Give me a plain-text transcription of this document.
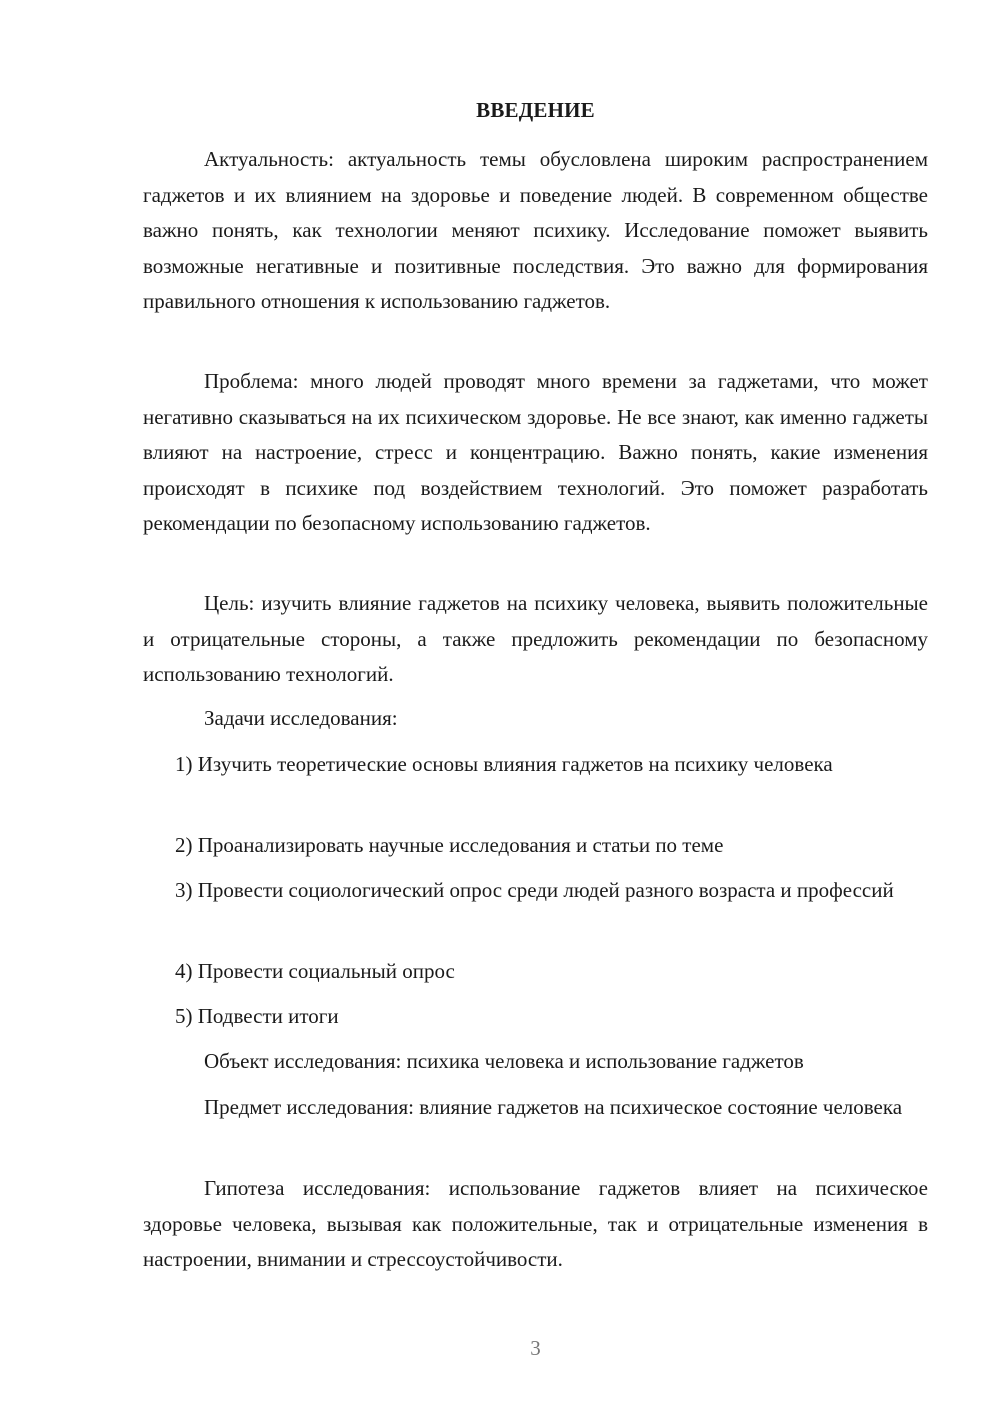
ВВЕДЕНИЕ
Актуальность: актуальность темы обусловлена широким распространением гаджетов и их влиянием на здоровье и поведение людей. В современном обществе важно понять, как технологии меняют психику. Исследование поможет выявить возможные негативные и позитивные последствия. Это важно для формирования правильного отношения к использованию гаджетов.
Проблема: много людей проводят много времени за гаджетами, что может негативно сказываться на их психическом здоровье. Не все знают, как именно гаджеты влияют на настроение, стресс и концентрацию. Важно понять, какие изменения происходят в психике под воздействием технологий. Это поможет разработать рекомендации по безопасному использованию гаджетов.
Цель: изучить влияние гаджетов на психику человека, выявить положительные и отрицательные стороны, а также предложить рекомендации по безопасному использованию технологий.
Задачи исследования:
1) Изучить теоретические основы влияния гаджетов на психику человека
2) Проанализировать научные исследования и статьи по теме
3) Провести социологический опрос среди людей разного возраста и профессий
4) Провести социальный опрос
5) Подвести итоги
Объект исследования: психика человека и использование гаджетов
Предмет исследования: влияние гаджетов на психическое состояние человека
Гипотеза исследования: использование гаджетов влияет на психическое здоровье человека, вызывая как положительные, так и отрицательные изменения в настроении, внимании и стрессоустойчивости.
3
